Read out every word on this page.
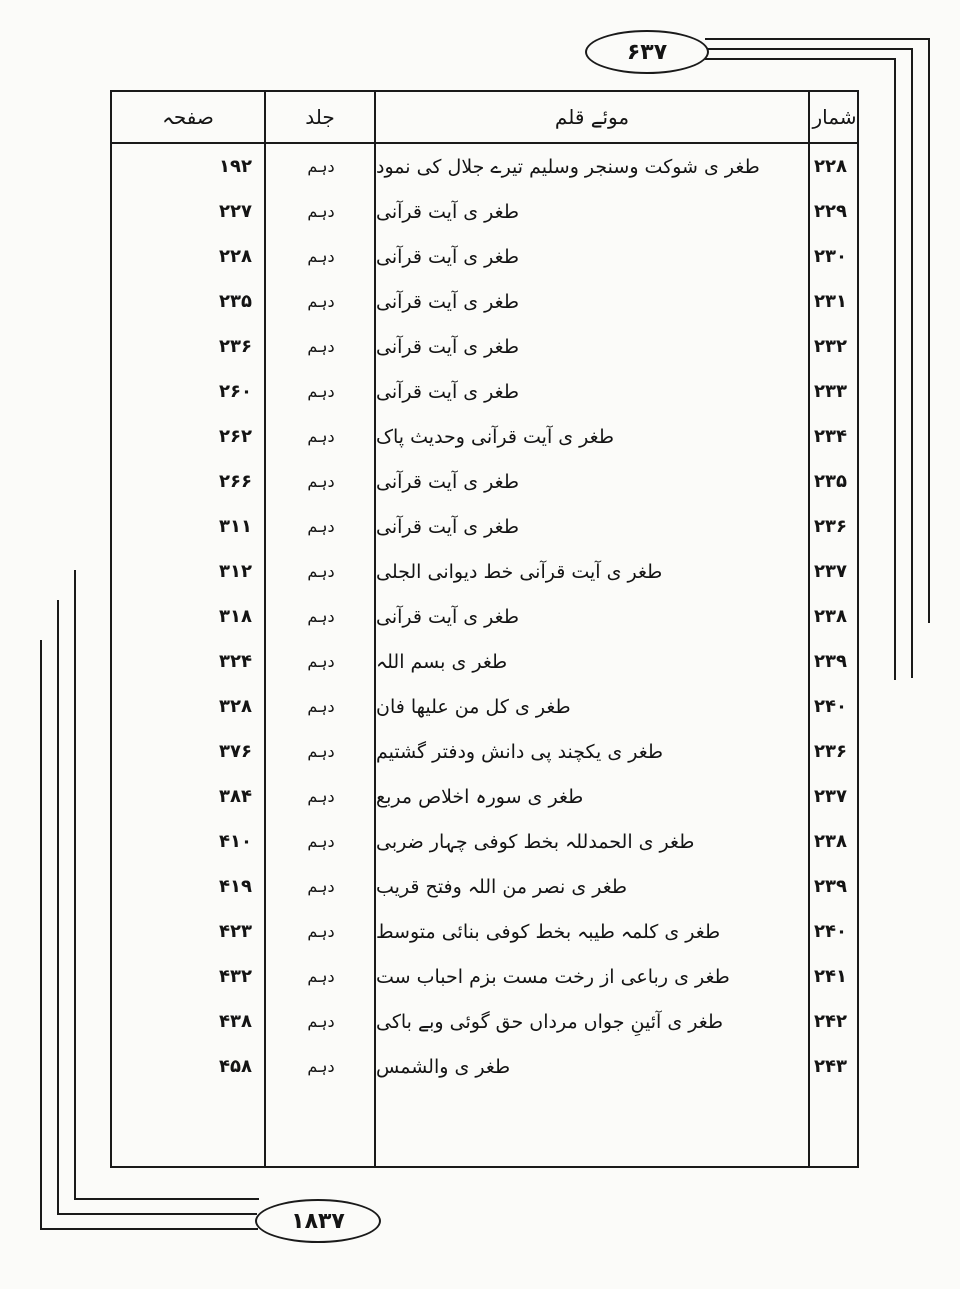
۶۳۷
۱۸۳۷
شمار
موئے قلم
جلد
صفحہ
۲۲۸
طغر ی شوکت وسنجر وسلیم تیرے جلال کی نمود
دہم
۱۹۲
۲۲۹
طغر ی آیت قرآنی
دہم
۲۲۷
۲۳۰
طغر ی آیت قرآنی
دہم
۲۲۸
۲۳۱
طغر ی آیت قرآنی
دہم
۲۳۵
۲۳۲
طغر ی آیت قرآنی
دہم
۲۳۶
۲۳۳
طغر ی آیت قرآنی
دہم
۲۶۰
۲۳۴
طغر ی آیت قرآنی وحدیث پاک
دہم
۲۶۲
۲۳۵
طغر ی آیت قرآنی
دہم
۲۶۶
۲۳۶
طغر ی آیت قرآنی
دہم
۳۱۱
۲۳۷
طغر ی آیت قرآنی خط دیوانی الجلی
دہم
۳۱۲
۲۳۸
طغر ی آیت قرآنی
دہم
۳۱۸
۲۳۹
طغر ی بسم اللہ
دہم
۳۲۴
۲۴۰
طغر ی کل من علیھا فان
دہم
۳۲۸
۲۳۶
طغر ی یکچند پی دانش ودفتر گشتیم
دہم
۳۷۶
۲۳۷
طغر ی سورہ اخلاص مربع
دہم
۳۸۴
۲۳۸
طغر ی الحمدللہ بخط کوفی چہار ضربی
دہم
۴۱۰
۲۳۹
طغر ی نصر من اللہ وفتح قریب
دہم
۴۱۹
۲۴۰
طغر ی کلمہ طیبہ بخط کوفی بنائی متوسط
دہم
۴۲۳
۲۴۱
طغر ی رباعی از رخت مست بزم احباب ست
دہم
۴۳۲
۲۴۲
طغر ی آئینِ جواں مرداں حق گوئی وبے باکی
دہم
۴۳۸
۲۴۳
طغر ی والشمس
دہم
۴۵۸
